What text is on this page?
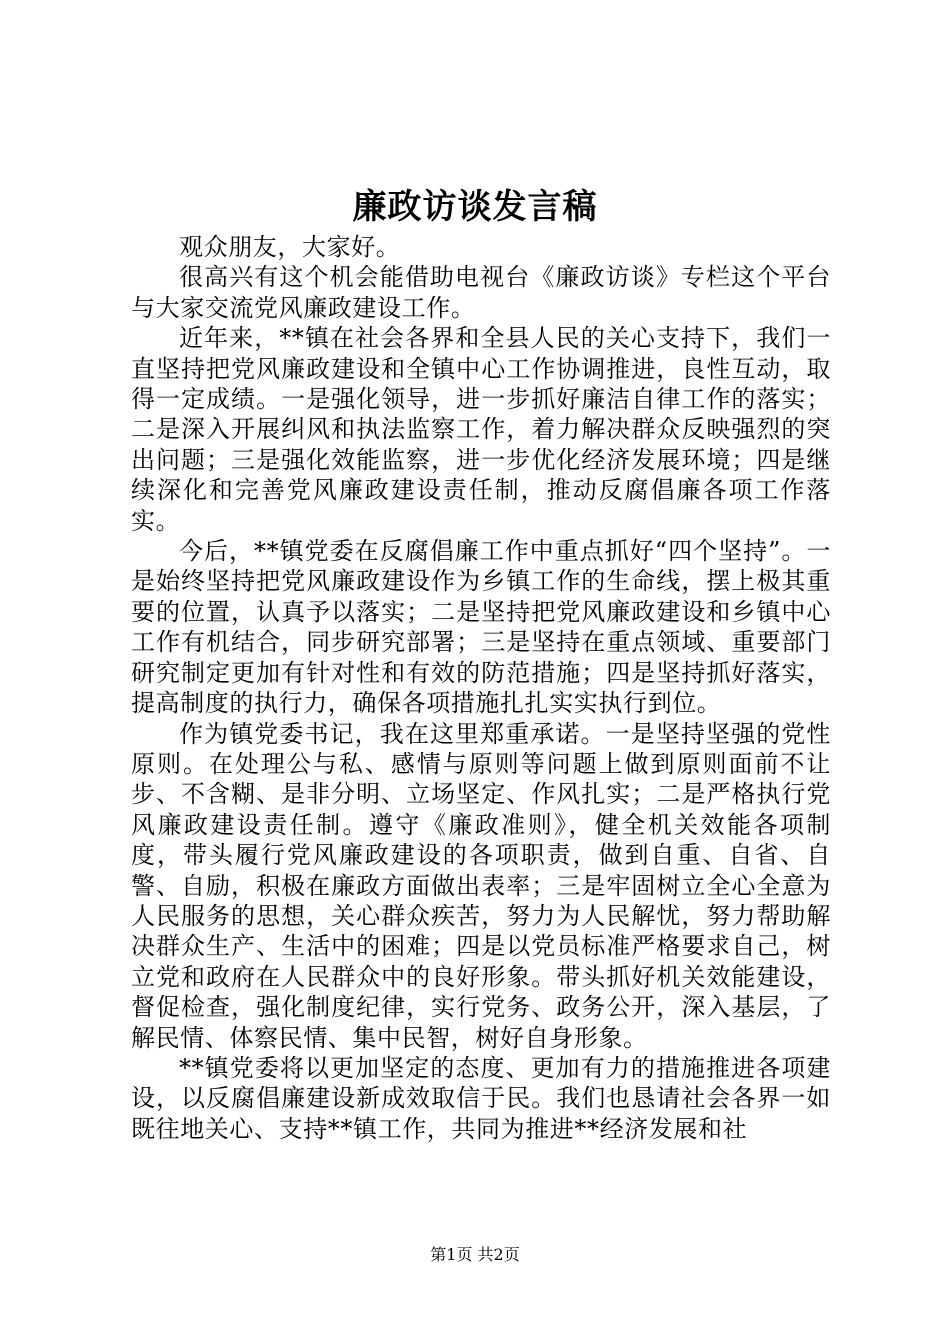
廉政访谈发言稿

观众朋友，大家好。

很高兴有这个机会能借助电视台《廉政访谈》专栏这个平台与大家交流党风廉政建设工作。

近年来，**镇在社会各界和全县人民的关心支持下，我们一直坚持把党风廉政建设和全镇中心工作协调推进，良性互动，取得一定成绩。一是强化领导，进一步抓好廉洁自律工作的落实；二是深入开展纠风和执法监察工作，着力解决群众反映强烈的突出问题；三是强化效能监察，进一步优化经济发展环境；四是继续深化和完善党风廉政建设责任制，推动反腐倡廉各项工作落实。

今后，**镇党委在反腐倡廉工作中重点抓好“四个坚持”。一是始终坚持把党风廉政建设作为乡镇工作的生命线，摆上极其重要的位置，认真予以落实；二是坚持把党风廉政建设和乡镇中心工作有机结合，同步研究部署；三是坚持在重点领域、重要部门研究制定更加有针对性和有效的防范措施；四是坚持抓好落实，提高制度的执行力，确保各项措施扎扎实实执行到位。

作为镇党委书记，我在这里郑重承诺。一是坚持坚强的党性原则。在处理公与私、感情与原则等问题上做到原则面前不让步、不含糊、是非分明、立场坚定、作风扎实；二是严格执行党风廉政建设责任制。遵守《廉政准则》，健全机关效能各项制度，带头履行党风廉政建设的各项职责，做到自重、自省、自警、自励，积极在廉政方面做出表率；三是牢固树立全心全意为人民服务的思想，关心群众疾苦，努力为人民解忧，努力帮助解决群众生产、生活中的困难；四是以党员标准严格要求自己，树立党和政府在人民群众中的良好形象。带头抓好机关效能建设，督促检查，强化制度纪律，实行党务、政务公开，深入基层，了解民情、体察民情、集中民智，树好自身形象。

**镇党委将以更加坚定的态度、更加有力的措施推进各项建设，以反腐倡廉建设新成效取信于民。我们也恳请社会各界一如既往地关心、支持**镇工作，共同为推进**经济发展和社

第1页 共2页
